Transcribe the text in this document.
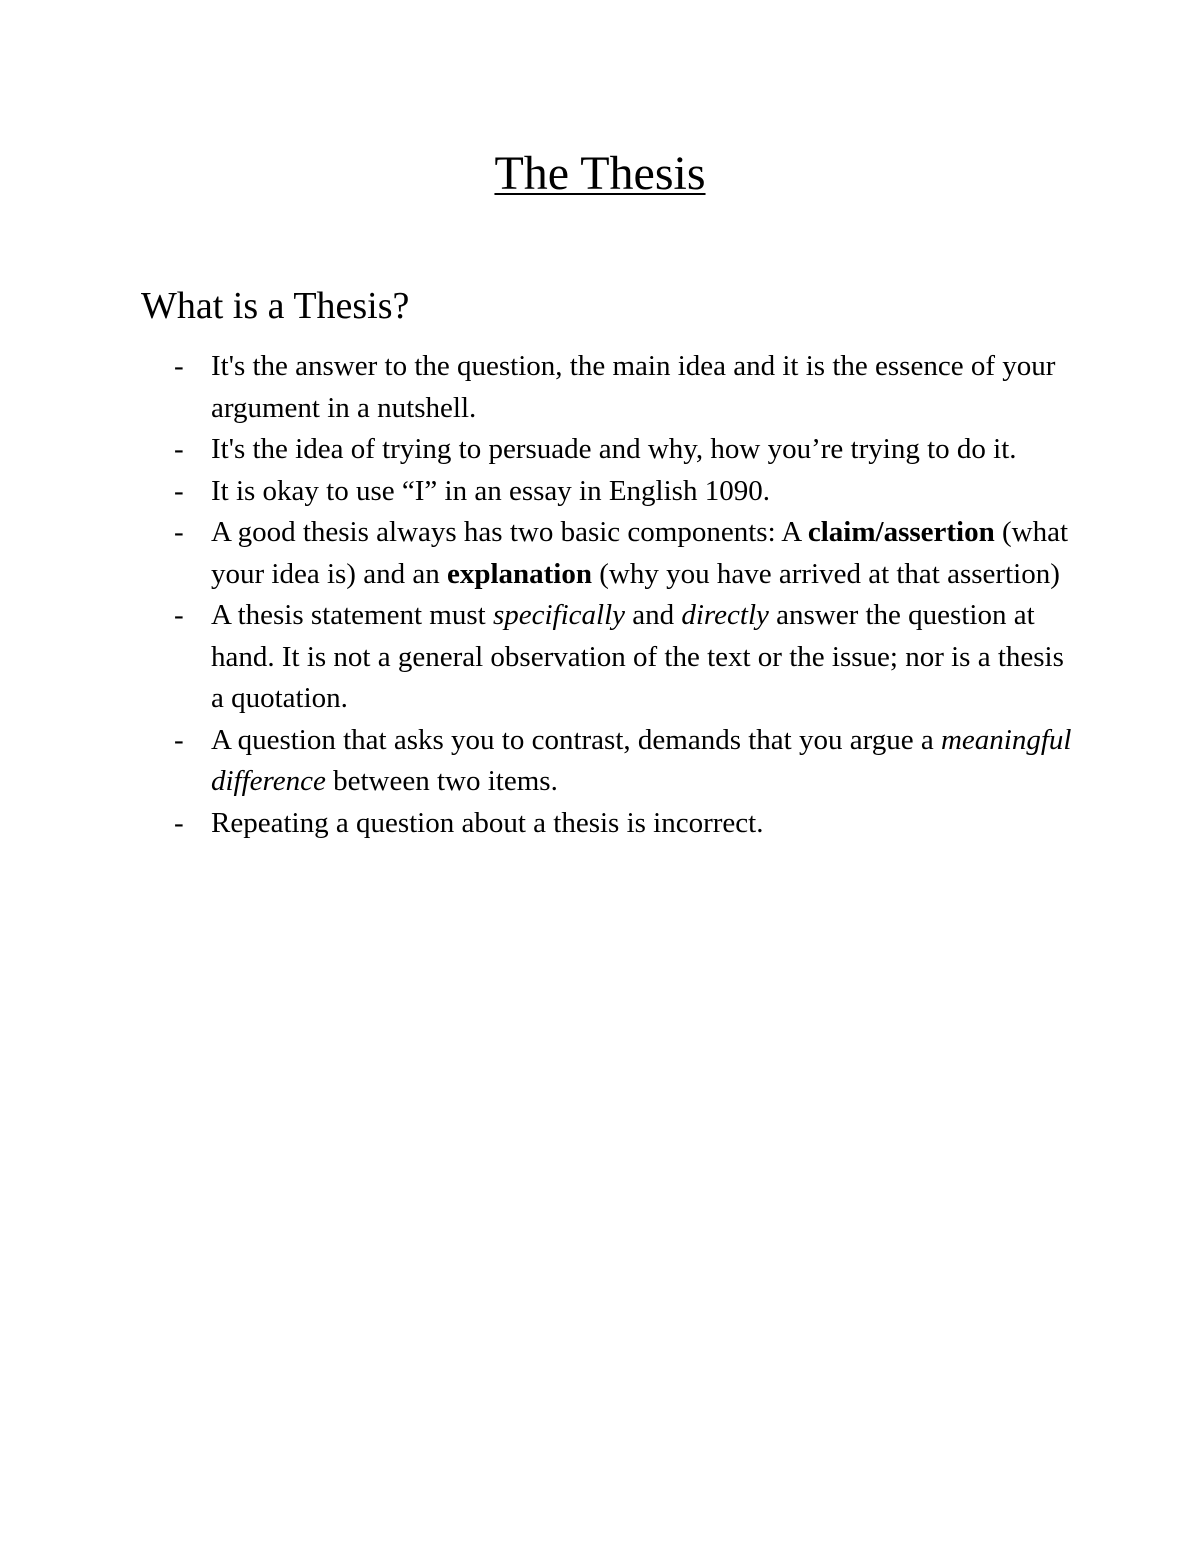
The Thesis
What is a Thesis?
- It's the answer to the question, the main idea and it is the essence of your argument in a nutshell.
- It's the idea of trying to persuade and why, how you’re trying to do it.
- It is okay to use “I” in an essay in English 1090.
- A good thesis always has two basic components: A claim/assertion (what your idea is) and an explanation (why you have arrived at that assertion)
- A thesis statement must specifically and directly answer the question at hand. It is not a general observation of the text or the issue; nor is a thesis a quotation.
- A question that asks you to contrast, demands that you argue a meaningful difference between two items.
- Repeating a question about a thesis is incorrect.
